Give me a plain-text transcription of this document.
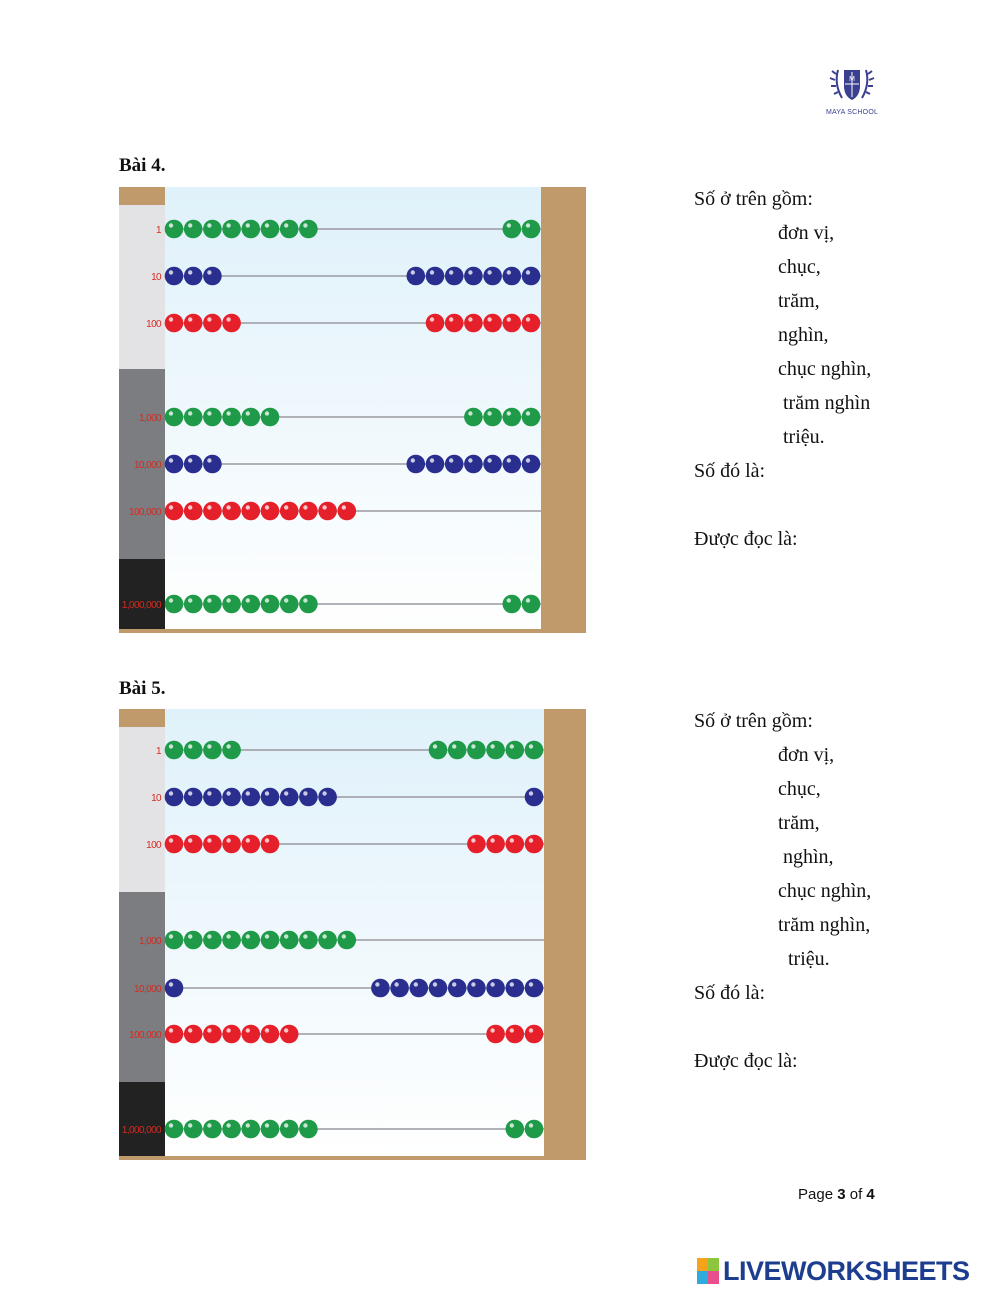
M
MAYA SCHOOL
Bài 4.
1
10
100
1,000
10,000
100,000
1,000,000
Số ở trên gồm:
đơn vị,
chục,
trăm,
nghìn,
chục nghìn,
trăm nghìn
triệu.
Số đó là:
Được đọc là:
Bài 5.
1
10
100
1,000
10,000
100,000
1,000,000
Số ở trên gồm:
đơn vị,
chục,
trăm,
nghìn,
chục nghìn,
trăm nghìn,
triệu.
Số đó là:
Được đọc là:
Page 3 of 4
LIVEWORKSHEETS
